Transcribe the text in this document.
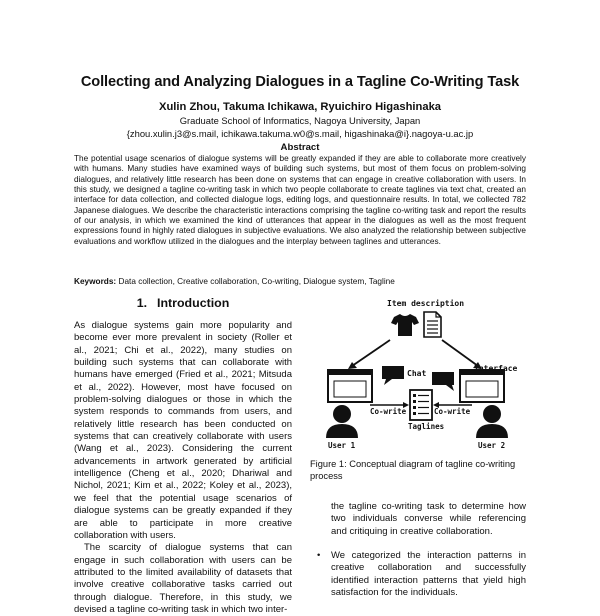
Collecting and Analyzing Dialogues in a Tagline Co-Writing Task
Xulin Zhou, Takuma Ichikawa, Ryuichiro Higashinaka
Graduate School of Informatics, Nagoya University, Japan
{zhou.xulin.j3@s.mail, ichikawa.takuma.w0@s.mail, higashinaka@i}.nagoya-u.ac.jp
Abstract
The potential usage scenarios of dialogue systems will be greatly expanded if they are able to collaborate more creatively with humans. Many studies have examined ways of building such systems, but most of them focus on problem-solving dialogues, and relatively little research has been done on systems that can engage in creative collaboration with users. In this study, we designed a tagline co-writing task in which two people collaborate to create taglines via text chat, created an interface for data collection, and collected dialogue logs, editing logs, and questionnaire results. In total, we collected 782 Japanese dialogues. We describe the characteristic interactions comprising the tagline co-writing task and report the results of our analysis, in which we examined the kind of utterances that appear in the dialogues as well as the most frequent expressions found in highly rated dialogues in subjective evaluations. We also analyzed the relationship between subjective evaluations and workflow utilized in the dialogues and the interplay between taglines and utterances.
Keywords: Data collection, Creative collaboration, Co-writing, Dialogue system, Tagline
1. Introduction

As dialogue systems gain more popularity and become ever more prevalent in society (Roller et al., 2021; Chi et al., 2022), many studies on building such systems that can collaborate with humans have emerged (Fried et al., 2021; Mitsuda et al., 2022). However, most have focused on problem-solving dialogues or those in which the system responds to commands from users, and relatively little research has been conducted on systems that can creatively collaborate with users (Wang et al., 2023). Considering the current advancements in artwork generated by artificial intelligence (Cheng et al., 2020; Dhariwal and Nichol, 2021; Kim et al., 2022; Koley et al., 2023), we feel that the potential usage scenarios of dialogue systems can be greatly expanded if they are able to participate in more creative collaboration with users.

The scarcity of dialogue systems that can engage in such collaboration with users can be attributed to the limited availability of datasets that involve creative collaborative tasks carried out through dialogue. Therefore, in this study, we devised a tagline co-writing task in which two inter-

Item description
Interface
Chat
Taglines
Co-write	Co-write
User 1	User 2
Figure 1: Conceptual diagram of tagline co-writing process

the tagline co-writing task to determine how two individuals converse while referencing and critiquing in creative collaboration.

• We categorized the interaction patterns in creative collaboration and successfully identified interaction patterns that yield high satisfaction for the individuals.
